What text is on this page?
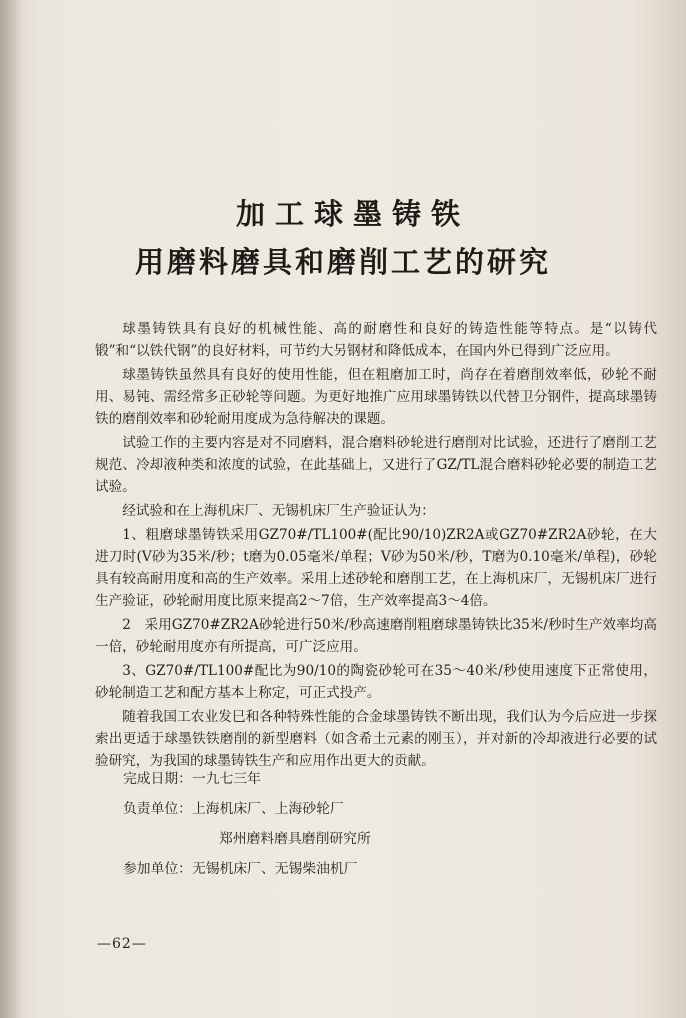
加工球墨铸铁
用磨料磨具和磨削工艺的研究

球墨铸铁具有良好的机械性能、高的耐磨性和良好的铸造性能等特点。是“以铸代锻”和“以铁代钢”的良好材料，可节约大另钢材和降低成本，在国内外已得到广泛应用。

球墨铸铁虽然具有良好的使用性能，但在粗磨加工时，尚存在着磨削效率低，砂轮不耐用、易钝、需经常多正砂轮等问题。为更好地推广应用球墨铸铁以代替卫分钢件，提高球墨铸铁的磨削效率和砂轮耐用度成为急待解决的课题。

试验工作的主要内容是对不同磨料，混合磨料砂轮进行磨削对比试验，还进行了磨削工艺规范、冷却液种类和浓度的试验，在此基础上，又进行了GZ/TL混合磨料砂轮必要的制造工艺试验。

经试验和在上海机床厂、无锡机床厂生产验证认为：

1、粗磨球墨铸铁采用GZ70#/TL100#(配比90/10)ZR2A或GZ70#ZR2A砂轮，在大进刀时(V砂为35米/秒；t磨为0.05毫米/单程；V砂为50米/秒，T磨为0.10毫米/单程)，砂轮具有较高耐用度和高的生产效率。采用上述砂轮和磨削工艺，在上海机床厂，无锡机床厂进行生产验证，砂轮耐用度比原来提高2～7倍，生产效率提高3～4倍。

2　采用GZ70#ZR2A砂轮进行50米/秒高速磨削粗磨球墨铸铁比35米/秒时生产效率均高一倍，砂轮耐用度亦有所提高，可广泛应用。

3、GZ70#/TL100#配比为90/10的陶瓷砂轮可在35～40米/秒使用速度下正常使用，砂轮制造工艺和配方基本上称定，可正式投产。

随着我国工农业发巳和各种特殊性能的合金球墨铸铁不断出现，我们认为今后应进一步探索出更适于球墨铁铁磨削的新型磨料（如含希土元素的刚玉），并对新的冷却液进行必要的试验研究，为我国的球墨铸铁生产和应用作出更大的贡献。

完成日期：一九七三年
负责单位：上海机床厂、上海砂轮厂
郑州磨料磨具磨削研究所
参加单位：无锡机床厂、无锡柴油机厂
—62—
